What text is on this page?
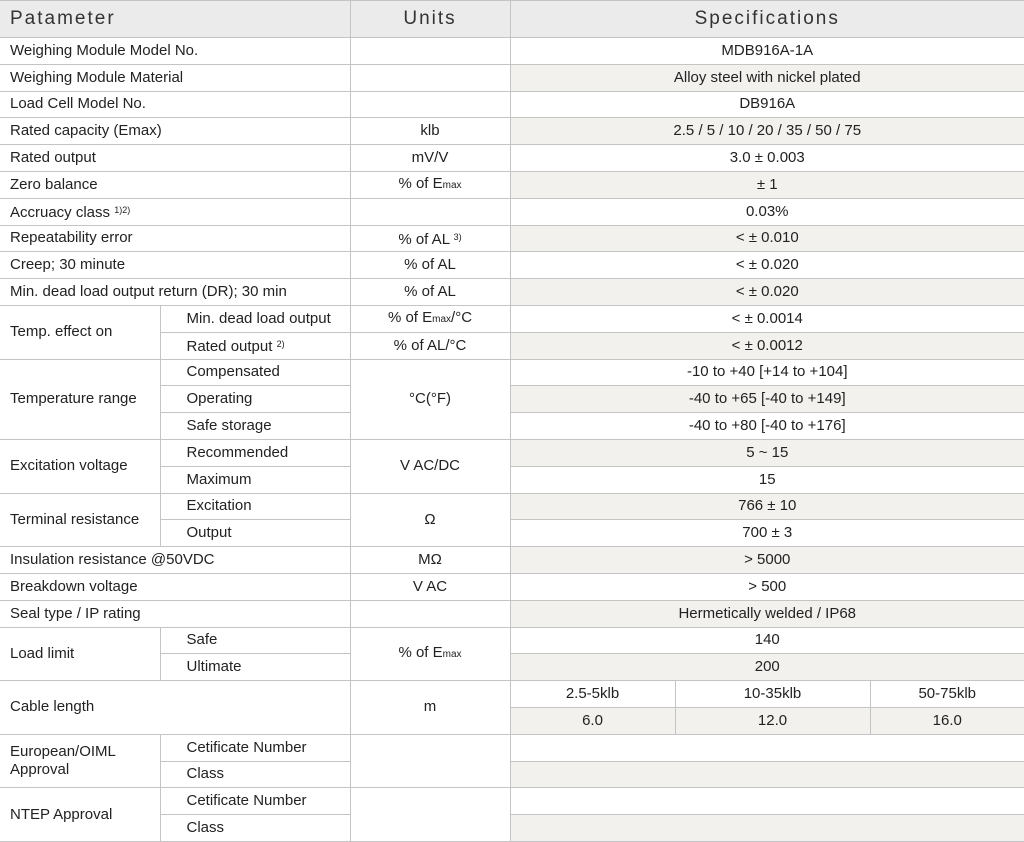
Patameter		Units	Specifications		
Weighing Module Model No.			MDB916A-1A		
Weighing Module Material			Alloy steel with nickel plated		
Load Cell Model No.			DB916A		
Rated capacity (Emax)		klb	2.5 / 5 / 10 / 20 / 35 / 50 / 75		
Rated output		mV/V	3.0 ± 0.003		
Zero balance		% of Emax	± 1		
Accruacy class $^{1)2)}$			0.03%		
Repeatability error		% of AL $^{3)}$	< ± 0.010		
Creep; 30 minute		% of AL	< ± 0.020		
Min. dead load output return (DR); 30 min		% of AL	< ± 0.020		
Temp. effect on	Min. dead load output	% of Emax/°C	< ± 0.0014		
	Rated output $^{2)}$	% of AL/°C	< ± 0.0012		
Temperature range	Compensated	°C(°F)	-10 to +40 [+14 to +104]		
	Operating		-40 to +65 [-40 to +149]		
	Safe storage		-40 to +80 [-40 to +176]		
Excitation voltage	Recommended	V AC/DC	5 ~ 15		
	Maximum		15		
Terminal resistance	Excitation	Ω	766 ± 10		
	Output		700 ± 3		
Insulation resistance @50VDC		MΩ	> 5000		
Breakdown voltage		V AC	> 500		
Seal type / IP rating			Hermetically welded / IP68		
Load limit	Safe	% of Emax	140		
	Ultimate		200		
Cable length		m	2.5-5klb	10-35klb	50-75klb
			6.0	12.0	16.0
European/OIML Approval	Cetificate Number				
	Class				
NTEP Approval	Cetificate Number				
	Class				
